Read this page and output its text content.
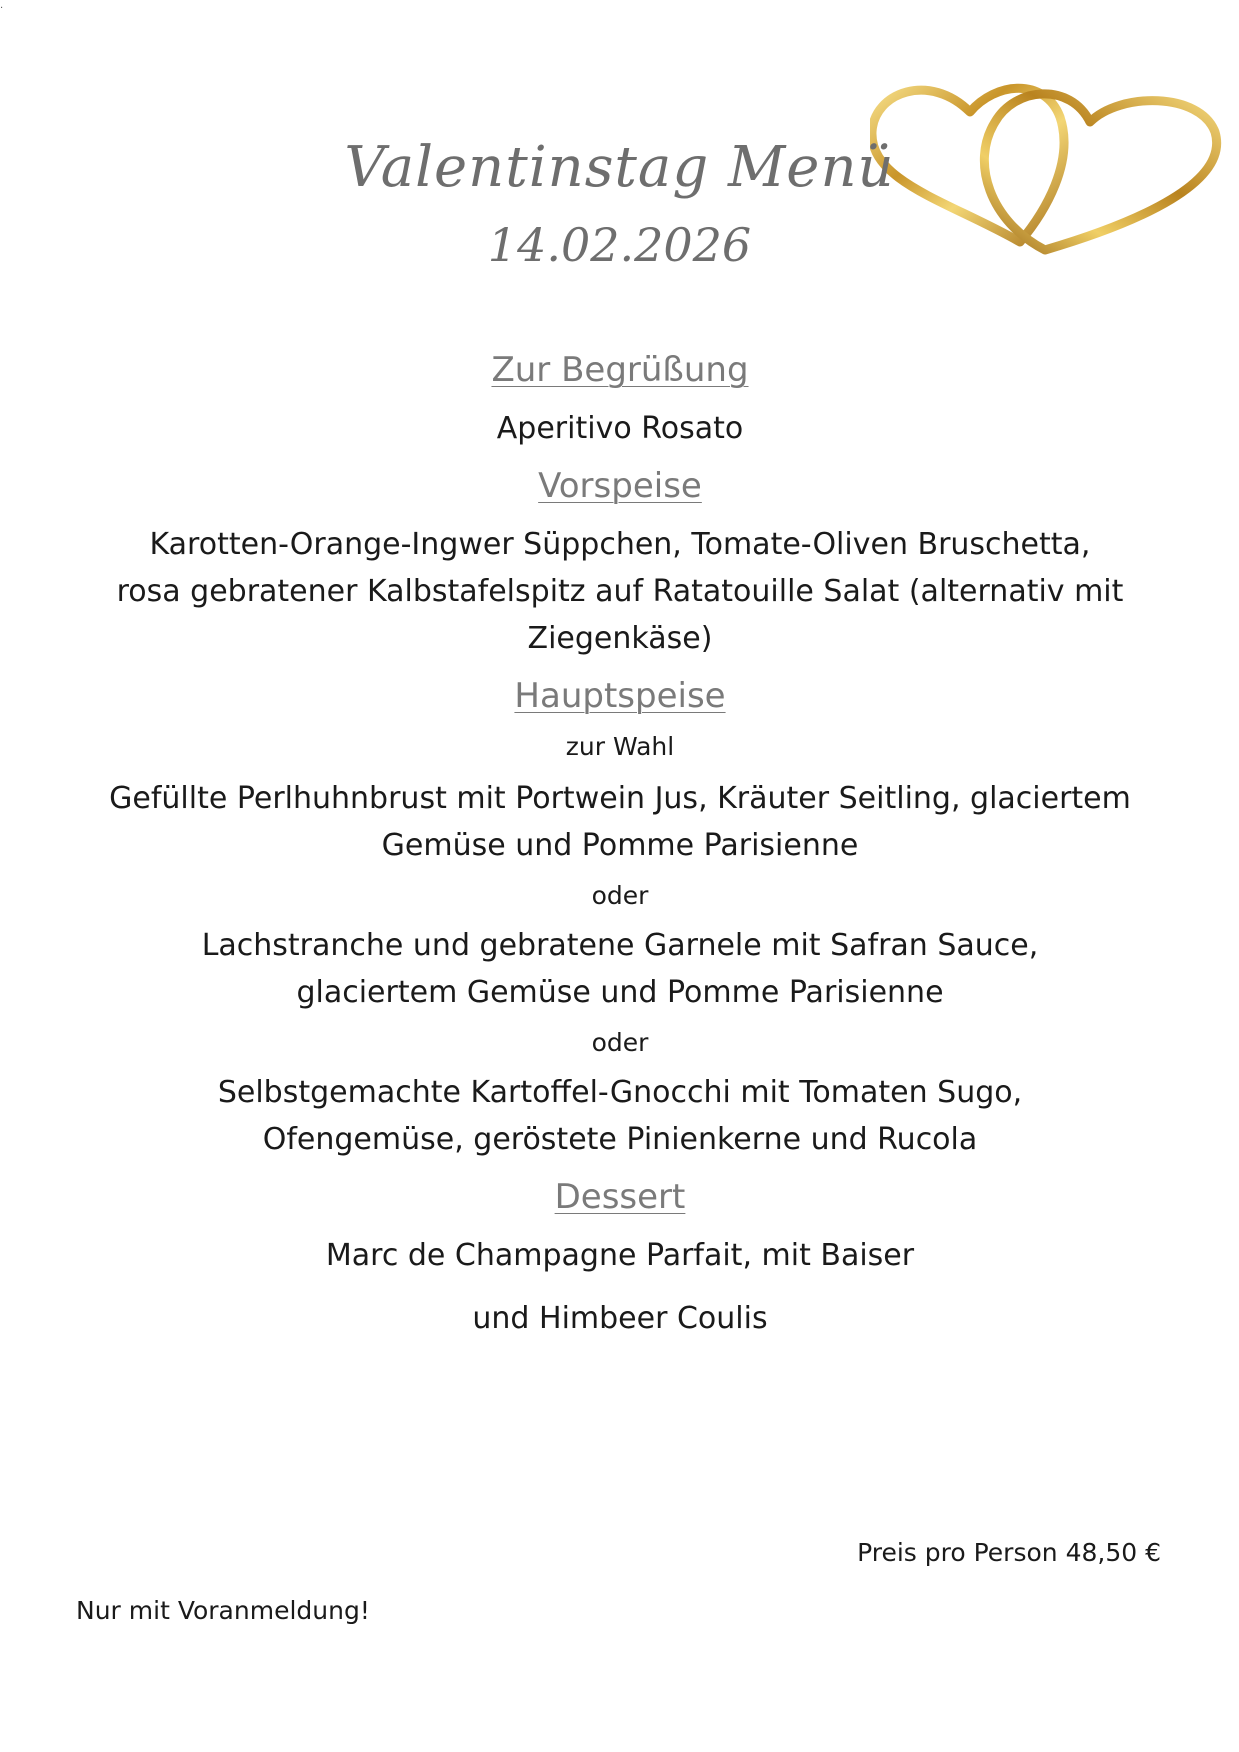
.
Valentinstag Menü
14.02.2026

Zur Begrüßung

Aperitivo Rosato

Vorspeise

Karotten-Orange-Ingwer Süppchen, Tomate-Oliven Bruschetta,

rosa gebratener Kalbstafelspitz auf Ratatouille Salat (alternativ mit

Ziegenkäse)

Hauptspeise

zur Wahl

Gefüllte Perlhuhnbrust mit Portwein Jus, Kräuter Seitling, glaciertem

Gemüse und Pomme Parisienne

oder

Lachstranche und gebratene Garnele mit Safran Sauce,

glaciertem Gemüse und Pomme Parisienne

oder

Selbstgemachte Kartoffel-Gnocchi mit Tomaten Sugo,

Ofengemüse, geröstete Pinienkerne und Rucola

Dessert

Marc de Champagne Parfait, mit Baiser

und Himbeer Coulis

Preis pro Person 48,50 €
Nur mit Voranmeldung!
